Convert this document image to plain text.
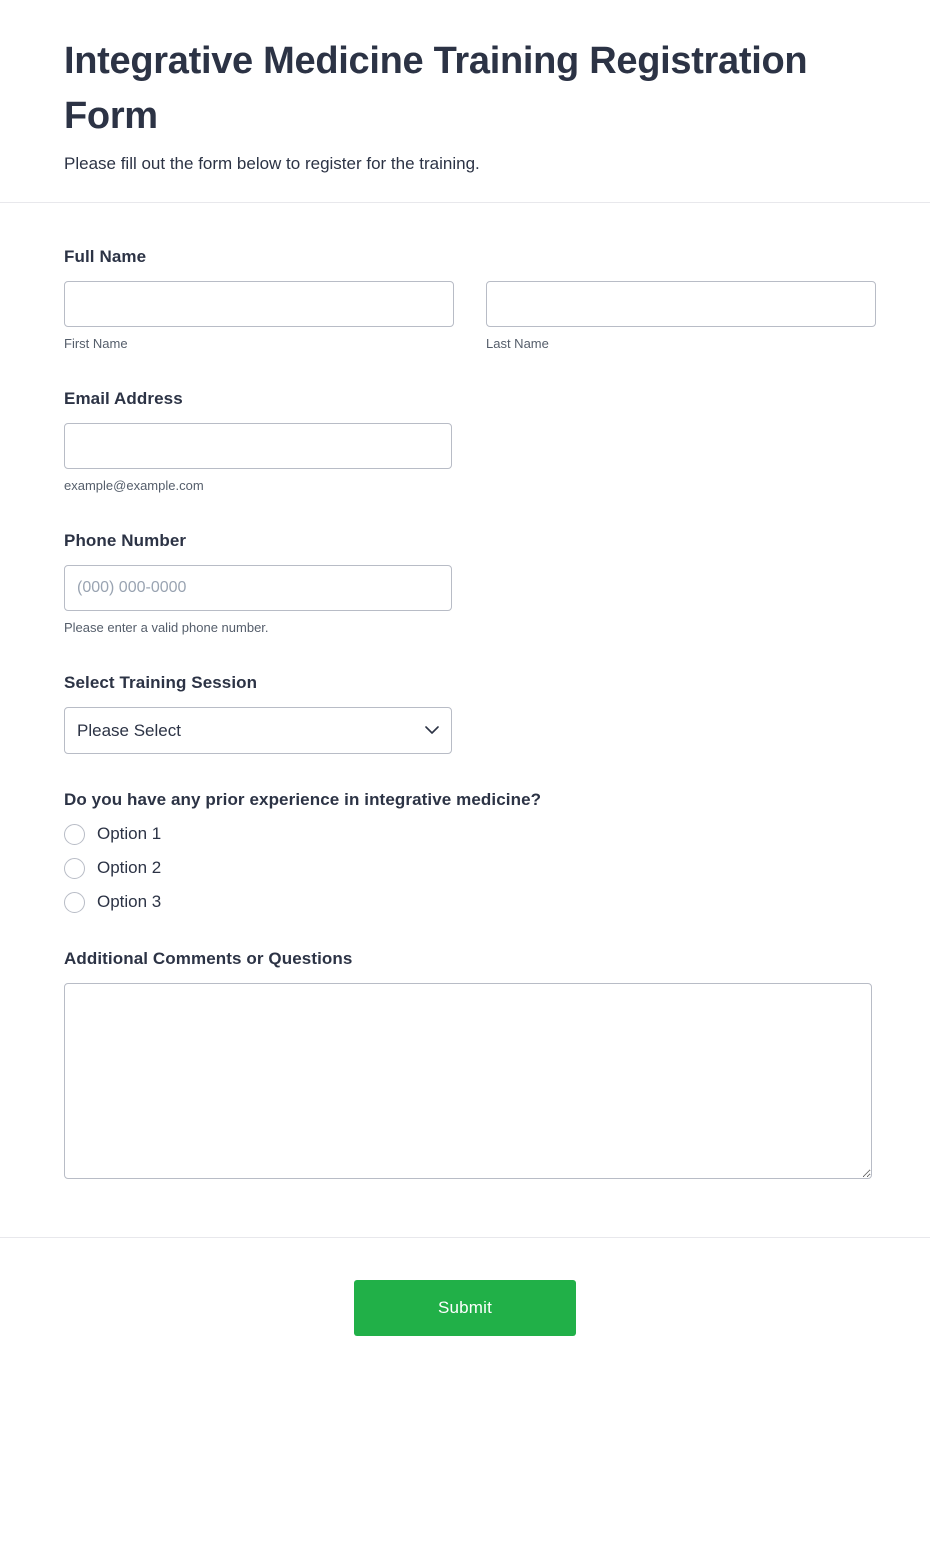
Integrative Medicine Training Registration Form

Please fill out the form below to register for the training.

Full Name
First Name	Last Name
Email Address
example@example.com
Phone Number
(000) 000-0000
Please enter a valid phone number.
Select Training Session
Please Select
Do you have any prior experience in integrative medicine?
Option 1
Option 2
Option 3
Additional Comments or Questions
Submit
